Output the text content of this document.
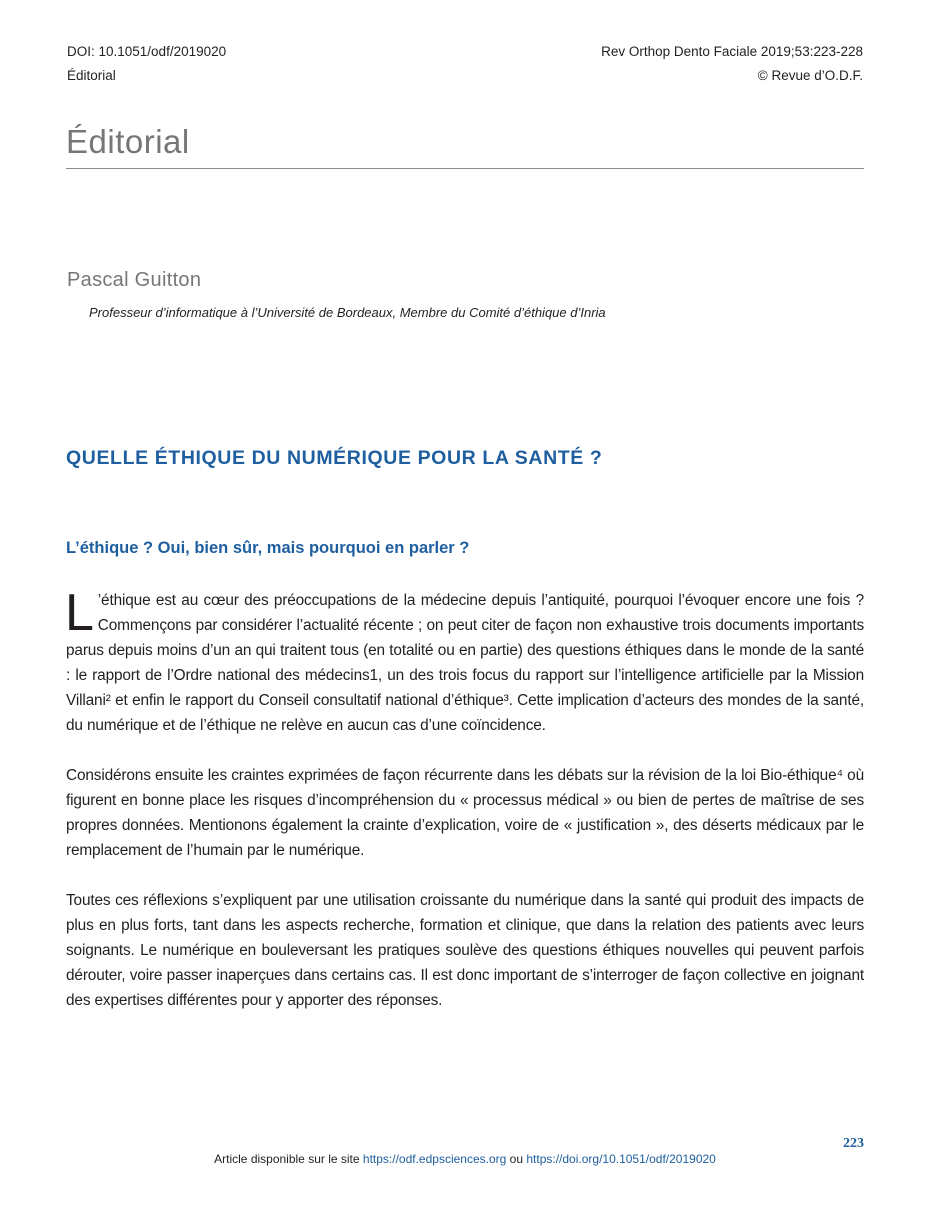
DOI: 10.1051/odf/2019020
Éditorial
Rev Orthop Dento Faciale 2019;53:223-228
© Revue d’O.D.F.
Éditorial
Pascal Guitton
Professeur d’informatique à l’Université de Bordeaux, Membre du Comité d’éthique d’Inria
QUELLE ÉTHIQUE DU NUMÉRIQUE POUR LA SANTÉ ?
L’éthique ? Oui, bien sûr, mais pourquoi en parler ?

L ’éthique est au cœur des préoccupations de la médecine depuis l’antiquité, pourquoi l’évoquer encore une fois ? Commençons par considérer l’actualité récente ; on peut citer de façon non exhaustive trois documents importants parus depuis moins d’un an qui traitent tous (en totalité ou en partie) des questions éthiques dans le monde de la santé : le rapport de l’Ordre national des médecins1, un des trois focus du rapport sur l’intelligence artificielle par la Mission Villani² et enfin le rapport du Conseil consultatif national d’éthique³. Cette implication d’acteurs des mondes de la santé, du numérique et de l’éthique ne relève en aucun cas d’une coïncidence.

Considérons ensuite les craintes exprimées de façon récurrente dans les débats sur la révision de la loi Bio-éthique⁴ où figurent en bonne place les risques d’incompréhension du « processus médical » ou bien de pertes de maîtrise de ses propres données. Mentionons également la crainte d’explication, voire de « justification », des déserts médicaux par le remplacement de l’humain par le numérique.

Toutes ces réflexions s’expliquent par une utilisation croissante du numérique dans la santé qui produit des impacts de plus en plus forts, tant dans les aspects recherche, formation et clinique, que dans la relation des patients avec leurs soignants. Le numérique en bouleversant les pratiques soulève des questions éthiques nouvelles qui peuvent parfois dérouter, voire passer inaperçues dans certains cas. Il est donc important de s’interroger de façon collective en joignant des expertises différentes pour y apporter des réponses.

223
Article disponible sur le site https://odf.edpsciences.org ou https://doi.org/10.1051/odf/2019020
